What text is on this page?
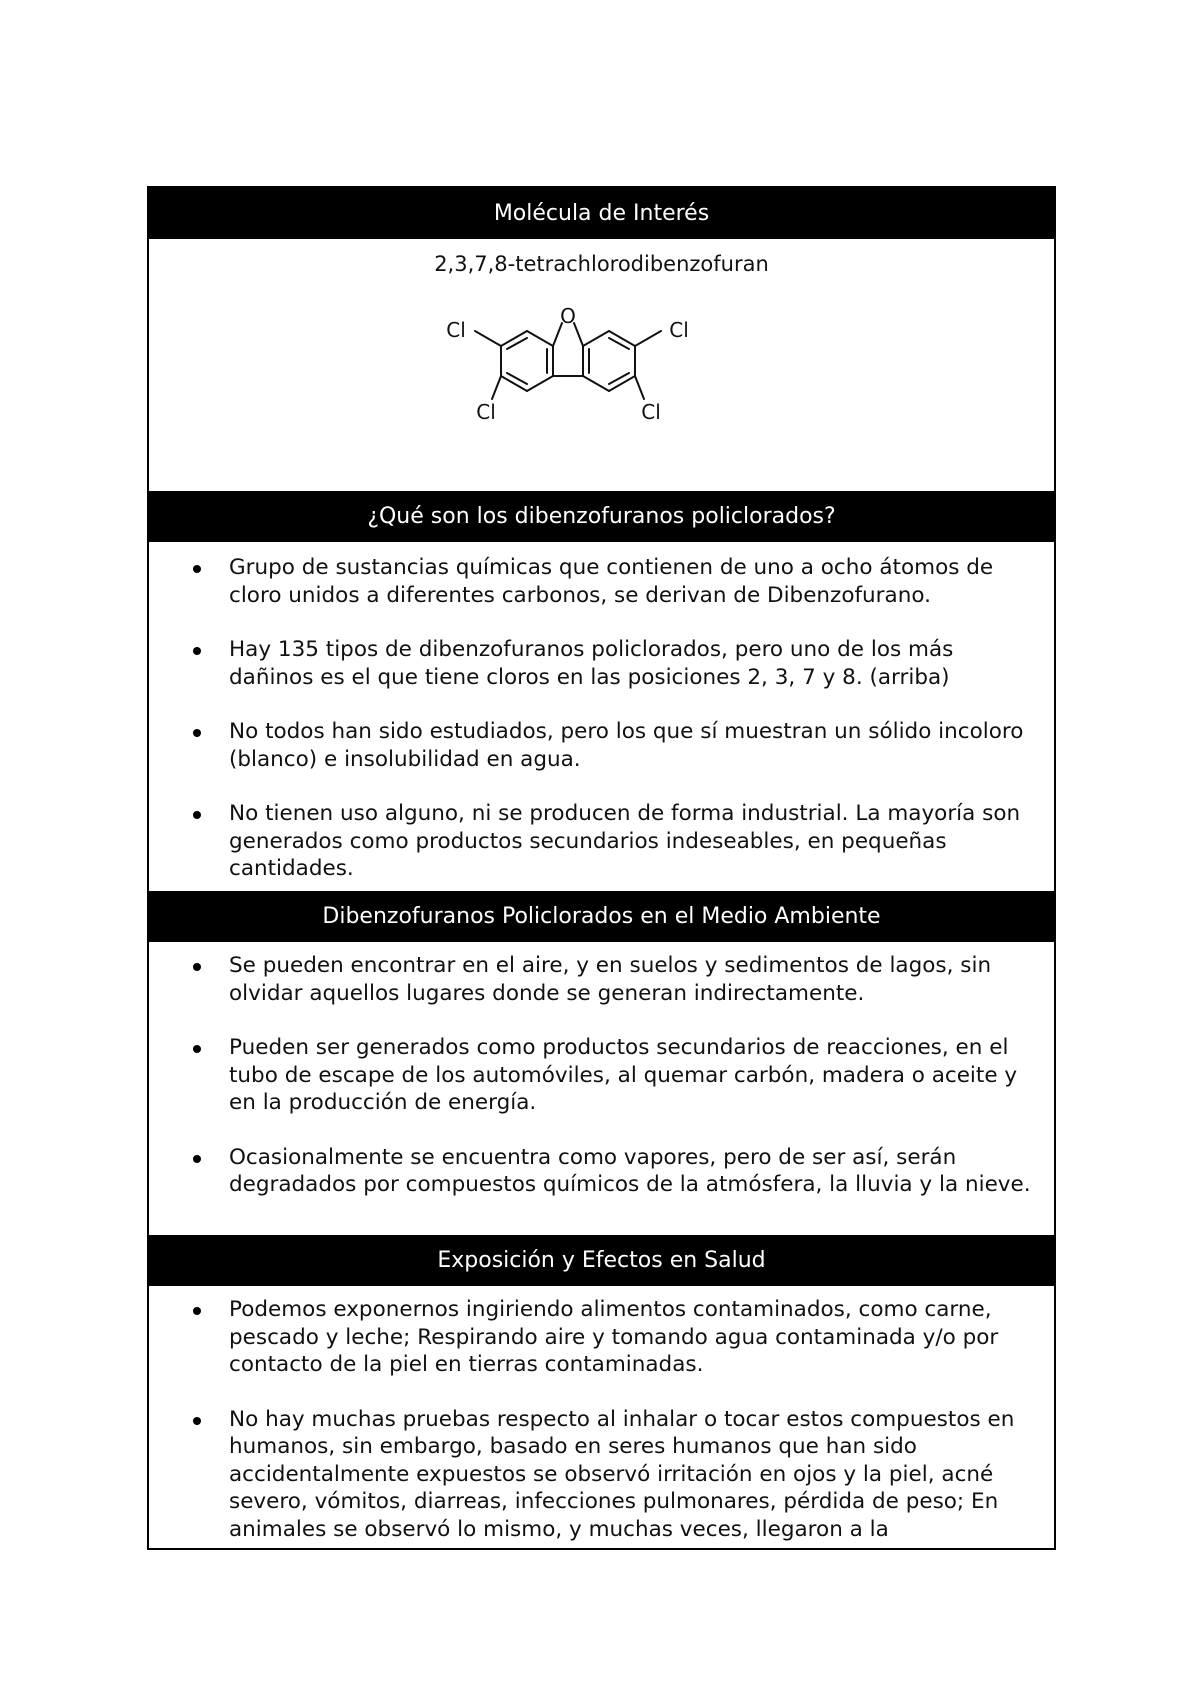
Molécula de Interés
2,3,7,8-tetrachlorodibenzofuran
O
Cl	Cl
Cl	Cl
¿Qué son los dibenzofuranos policlorados?
Grupo de sustancias químicas que contienen de uno a ocho átomos de cloro unidos a diferentes carbonos, se derivan de Dibenzofurano.
Hay 135 tipos de dibenzofuranos policlorados, pero uno de los más dañinos es el que tiene cloros en las posiciones 2, 3, 7 y 8. (arriba)
No todos han sido estudiados, pero los que sí muestran un sólido incoloro (blanco) e insolubilidad en agua.
No tienen uso alguno, ni se producen de forma industrial. La mayoría son generados como productos secundarios indeseables, en pequeñas cantidades.
Dibenzofuranos Policlorados en el Medio Ambiente
Se pueden encontrar en el aire, y en suelos y sedimentos de lagos, sin olvidar aquellos lugares donde se generan indirectamente.
Pueden ser generados como productos secundarios de reacciones, en el tubo de escape de los automóviles, al quemar carbón, madera o aceite y en la producción de energía.
Ocasionalmente se encuentra como vapores, pero de ser así, serán degradados por compuestos químicos de la atmósfera, la lluvia y la nieve.
Exposición y Efectos en Salud
Podemos exponernos ingiriendo alimentos contaminados, como carne, pescado y leche; Respirando aire y tomando agua contaminada y/o por contacto de la piel en tierras contaminadas.
No hay muchas pruebas respecto al inhalar o tocar estos compuestos en humanos, sin embargo, basado en seres humanos que han sido accidentalmente expuestos se observó irritación en ojos y la piel, acné severo, vómitos, diarreas, infecciones pulmonares, pérdida de peso; En animales se observó lo mismo, y muchas veces, llegaron a la
